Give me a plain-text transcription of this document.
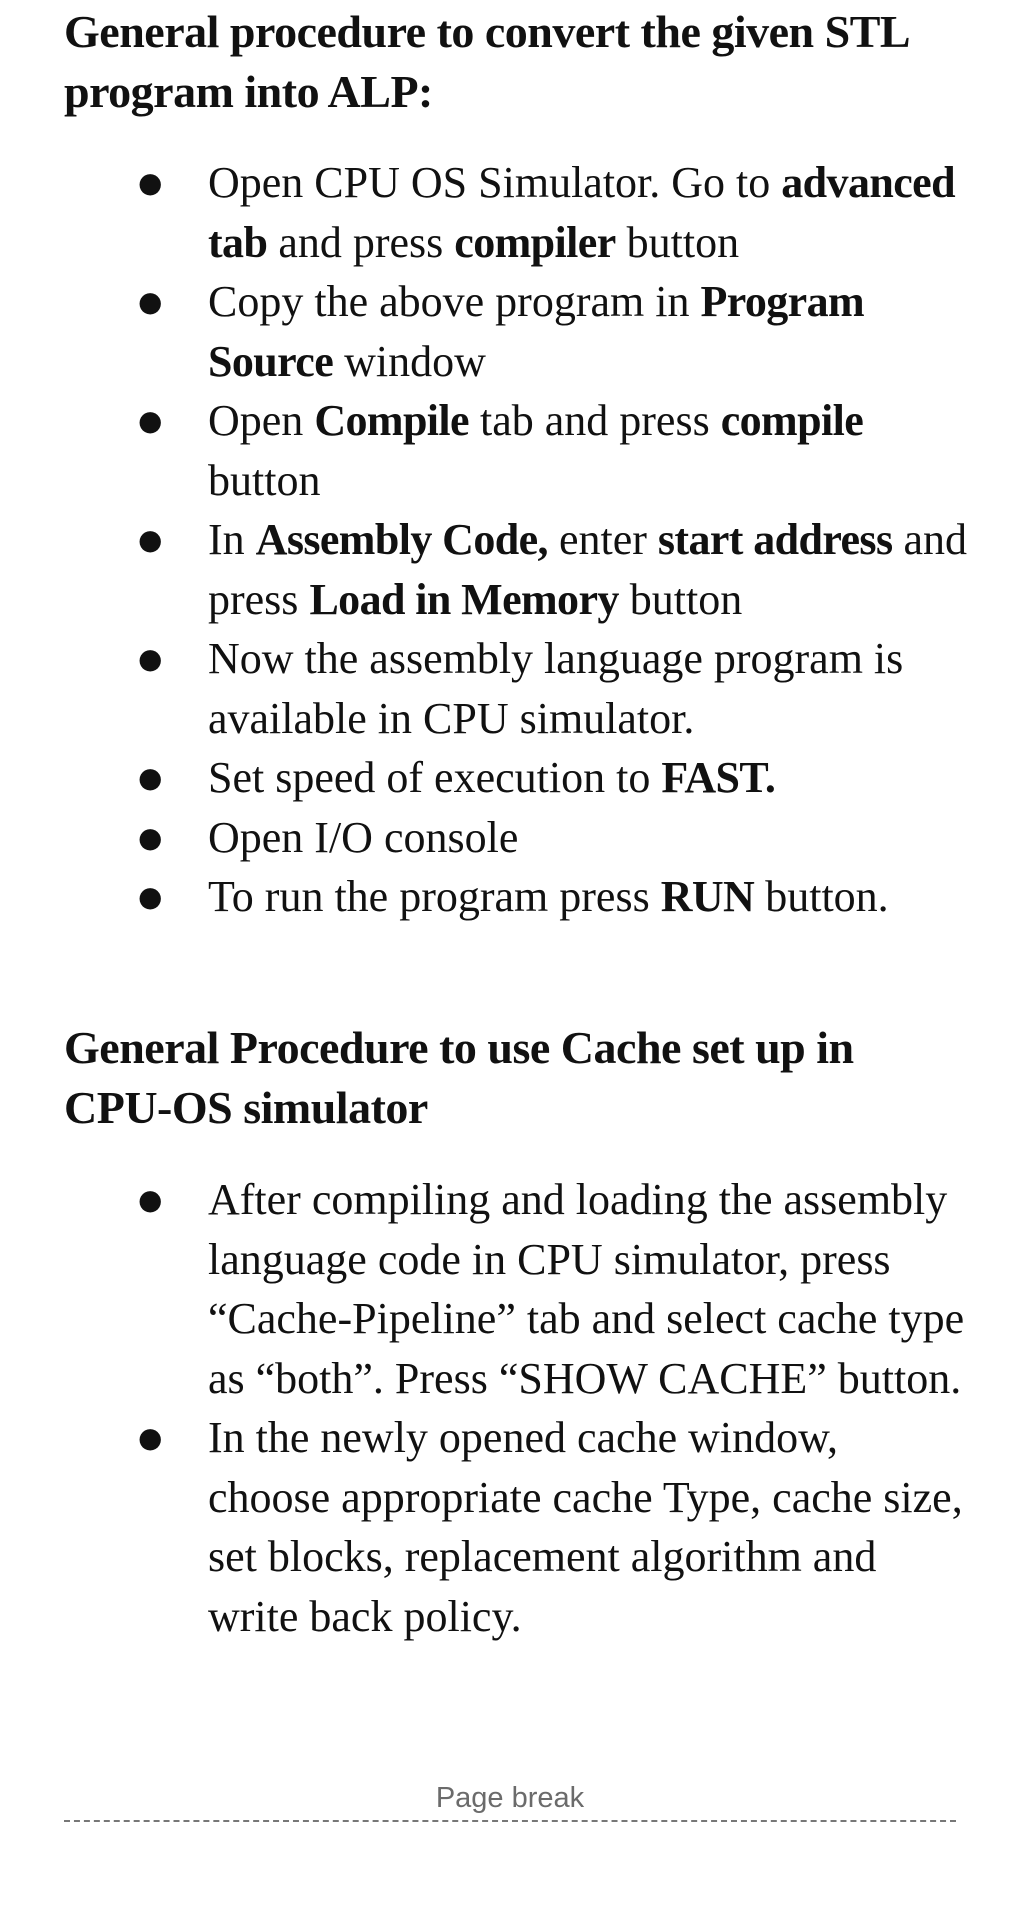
General procedure to convert the given STL program into ALP:
● Open CPU OS Simulator. Go to advanced tab and press compiler button
● Copy the above program in Program Source window
● Open Compile tab and press compile button
● In Assembly Code, enter start address and press Load in Memory button
● Now the assembly language program is available in CPU simulator.
● Set speed of execution to FAST.
● Open I/O console
● To run the program press RUN button.
General Procedure to use Cache set up in CPU-OS simulator
● After compiling and loading the assembly language code in CPU simulator, press “Cache-Pipeline” tab and select cache type as “both”. Press “SHOW CACHE” button.
● In the newly opened cache window, choose appropriate cache Type, cache size, set blocks, replacement algorithm and write back policy.
Page break
